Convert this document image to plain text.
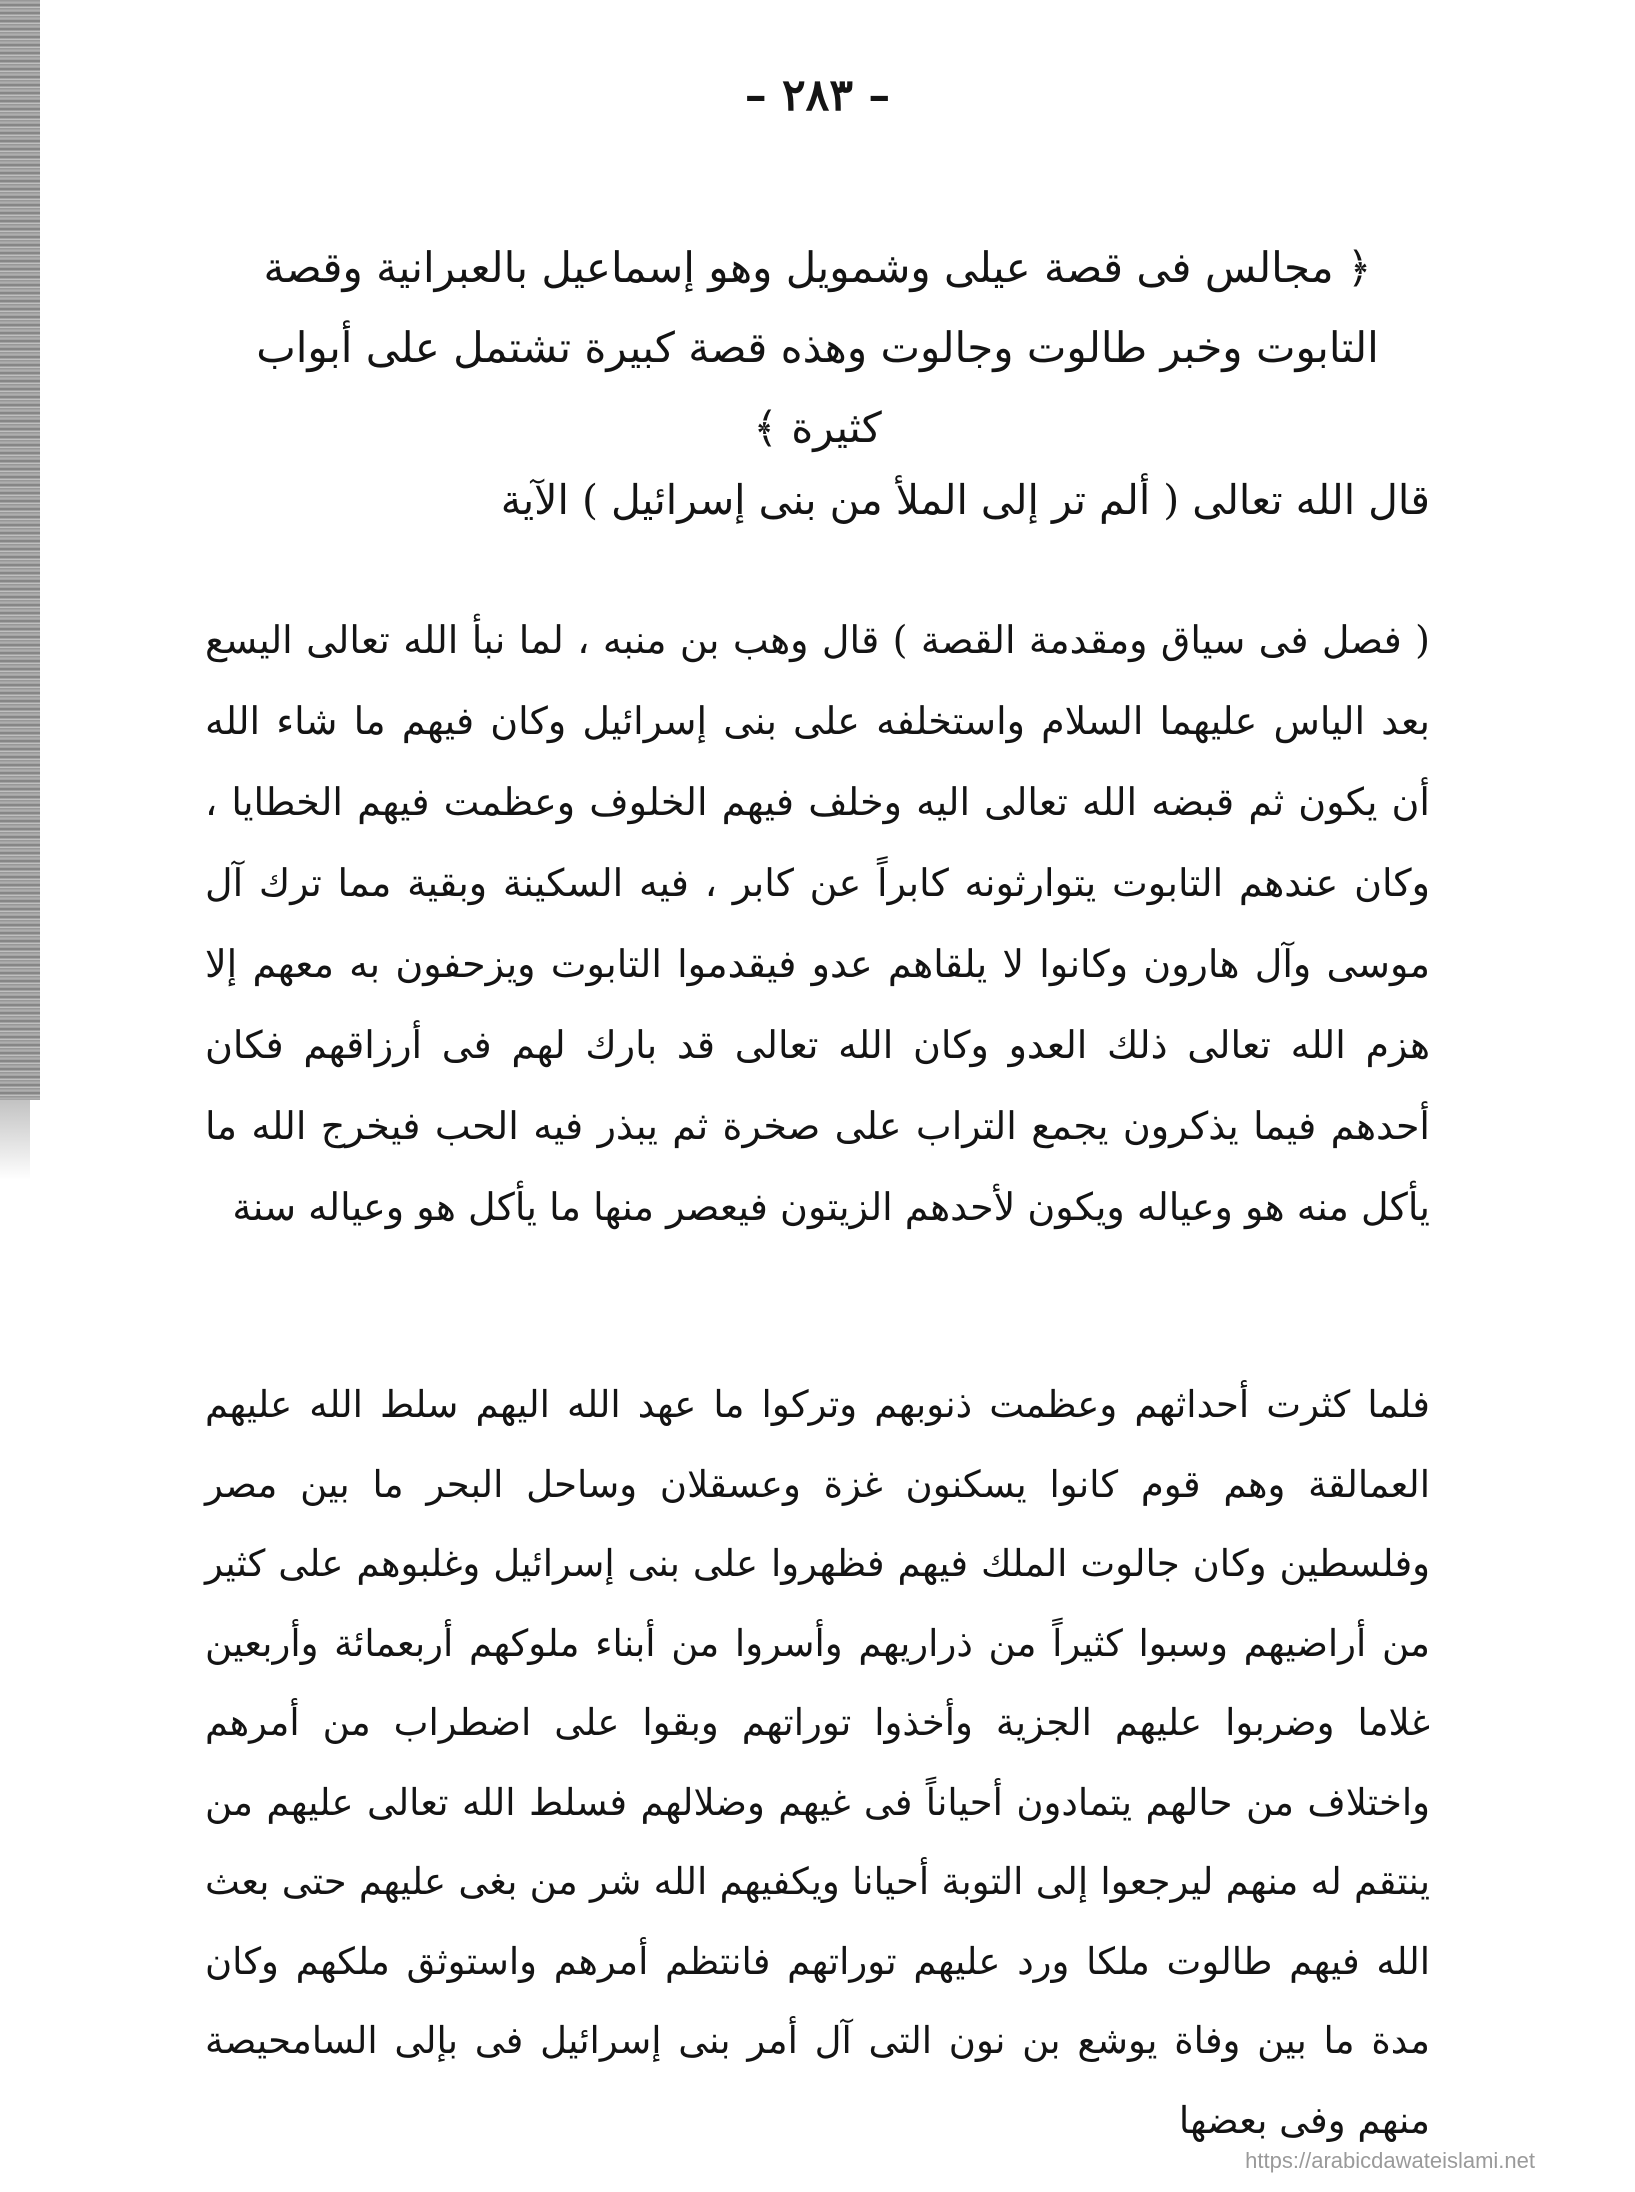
– ٢٨٣ –

﴿ مجالس فى قصة عيلى وشمويل وهو إسماعيل بالعبرانية وقصة التابوت وخبر طالوت وجالوت وهذه قصة كبيرة تشتمل على أبواب كثيرة ﴾

قال الله تعالى ( ألم تر إلى الملأ من بنى إسرائيل ) الآية

( فصل فى سياق ومقدمة القصة ) قال وهب بن منبه ، لما نبأ الله تعالى اليسع بعد الياس عليهما السلام واستخلفه على بنى إسرائيل وكان فيهم ما شاء الله أن يكون ثم قبضه الله تعالى اليه وخلف فيهم الخلوف وعظمت فيهم الخطايا ، وكان عندهم التابوت يتوارثونه كابراً عن كابر ، فيه السكينة وبقية مما ترك آل موسى وآل هارون وكانوا لا يلقاهم عدو فيقدموا التابوت ويزحفون به معهم إلا هزم الله تعالى ذلك العدو وكان الله تعالى قد بارك لهم فى أرزاقهم فكان أحدهم فيما يذكرون يجمع التراب على صخرة ثم يبذر فيه الحب فيخرج الله ما يأكل منه هو وعياله ويكون لأحدهم الزيتون فيعصر منها ما يأكل هو وعياله سنة

فلما كثرت أحداثهم وعظمت ذنوبهم وتركوا ما عهد الله اليهم سلط الله عليهم العمالقة وهم قوم كانوا يسكنون غزة وعسقلان وساحل البحر ما بين مصر وفلسطين وكان جالوت الملك فيهم فظهروا على بنى إسرائيل وغلبوهم على كثير من أراضيهم وسبوا كثيراً من ذراريهم وأسروا من أبناء ملوكهم أربعمائة وأربعين غلاما وضربوا عليهم الجزية وأخذوا توراتهم وبقوا على اضطراب من أمرهم واختلاف من حالهم يتمادون أحياناً فى غيهم وضلالهم فسلط الله تعالى عليهم من ينتقم له منهم ليرجعوا إلى التوبة أحيانا ويكفيهم الله شر من بغى عليهم حتى بعث الله فيهم طالوت ملكا ورد عليهم توراتهم فانتظم أمرهم واستوثق ملكهم وكان مدة ما بين وفاة يوشع بن نون التى آل أمر بنى إسرائيل فى بإلى السامحيصة منهم وفى بعضها

https://arabicdawateislami.net
